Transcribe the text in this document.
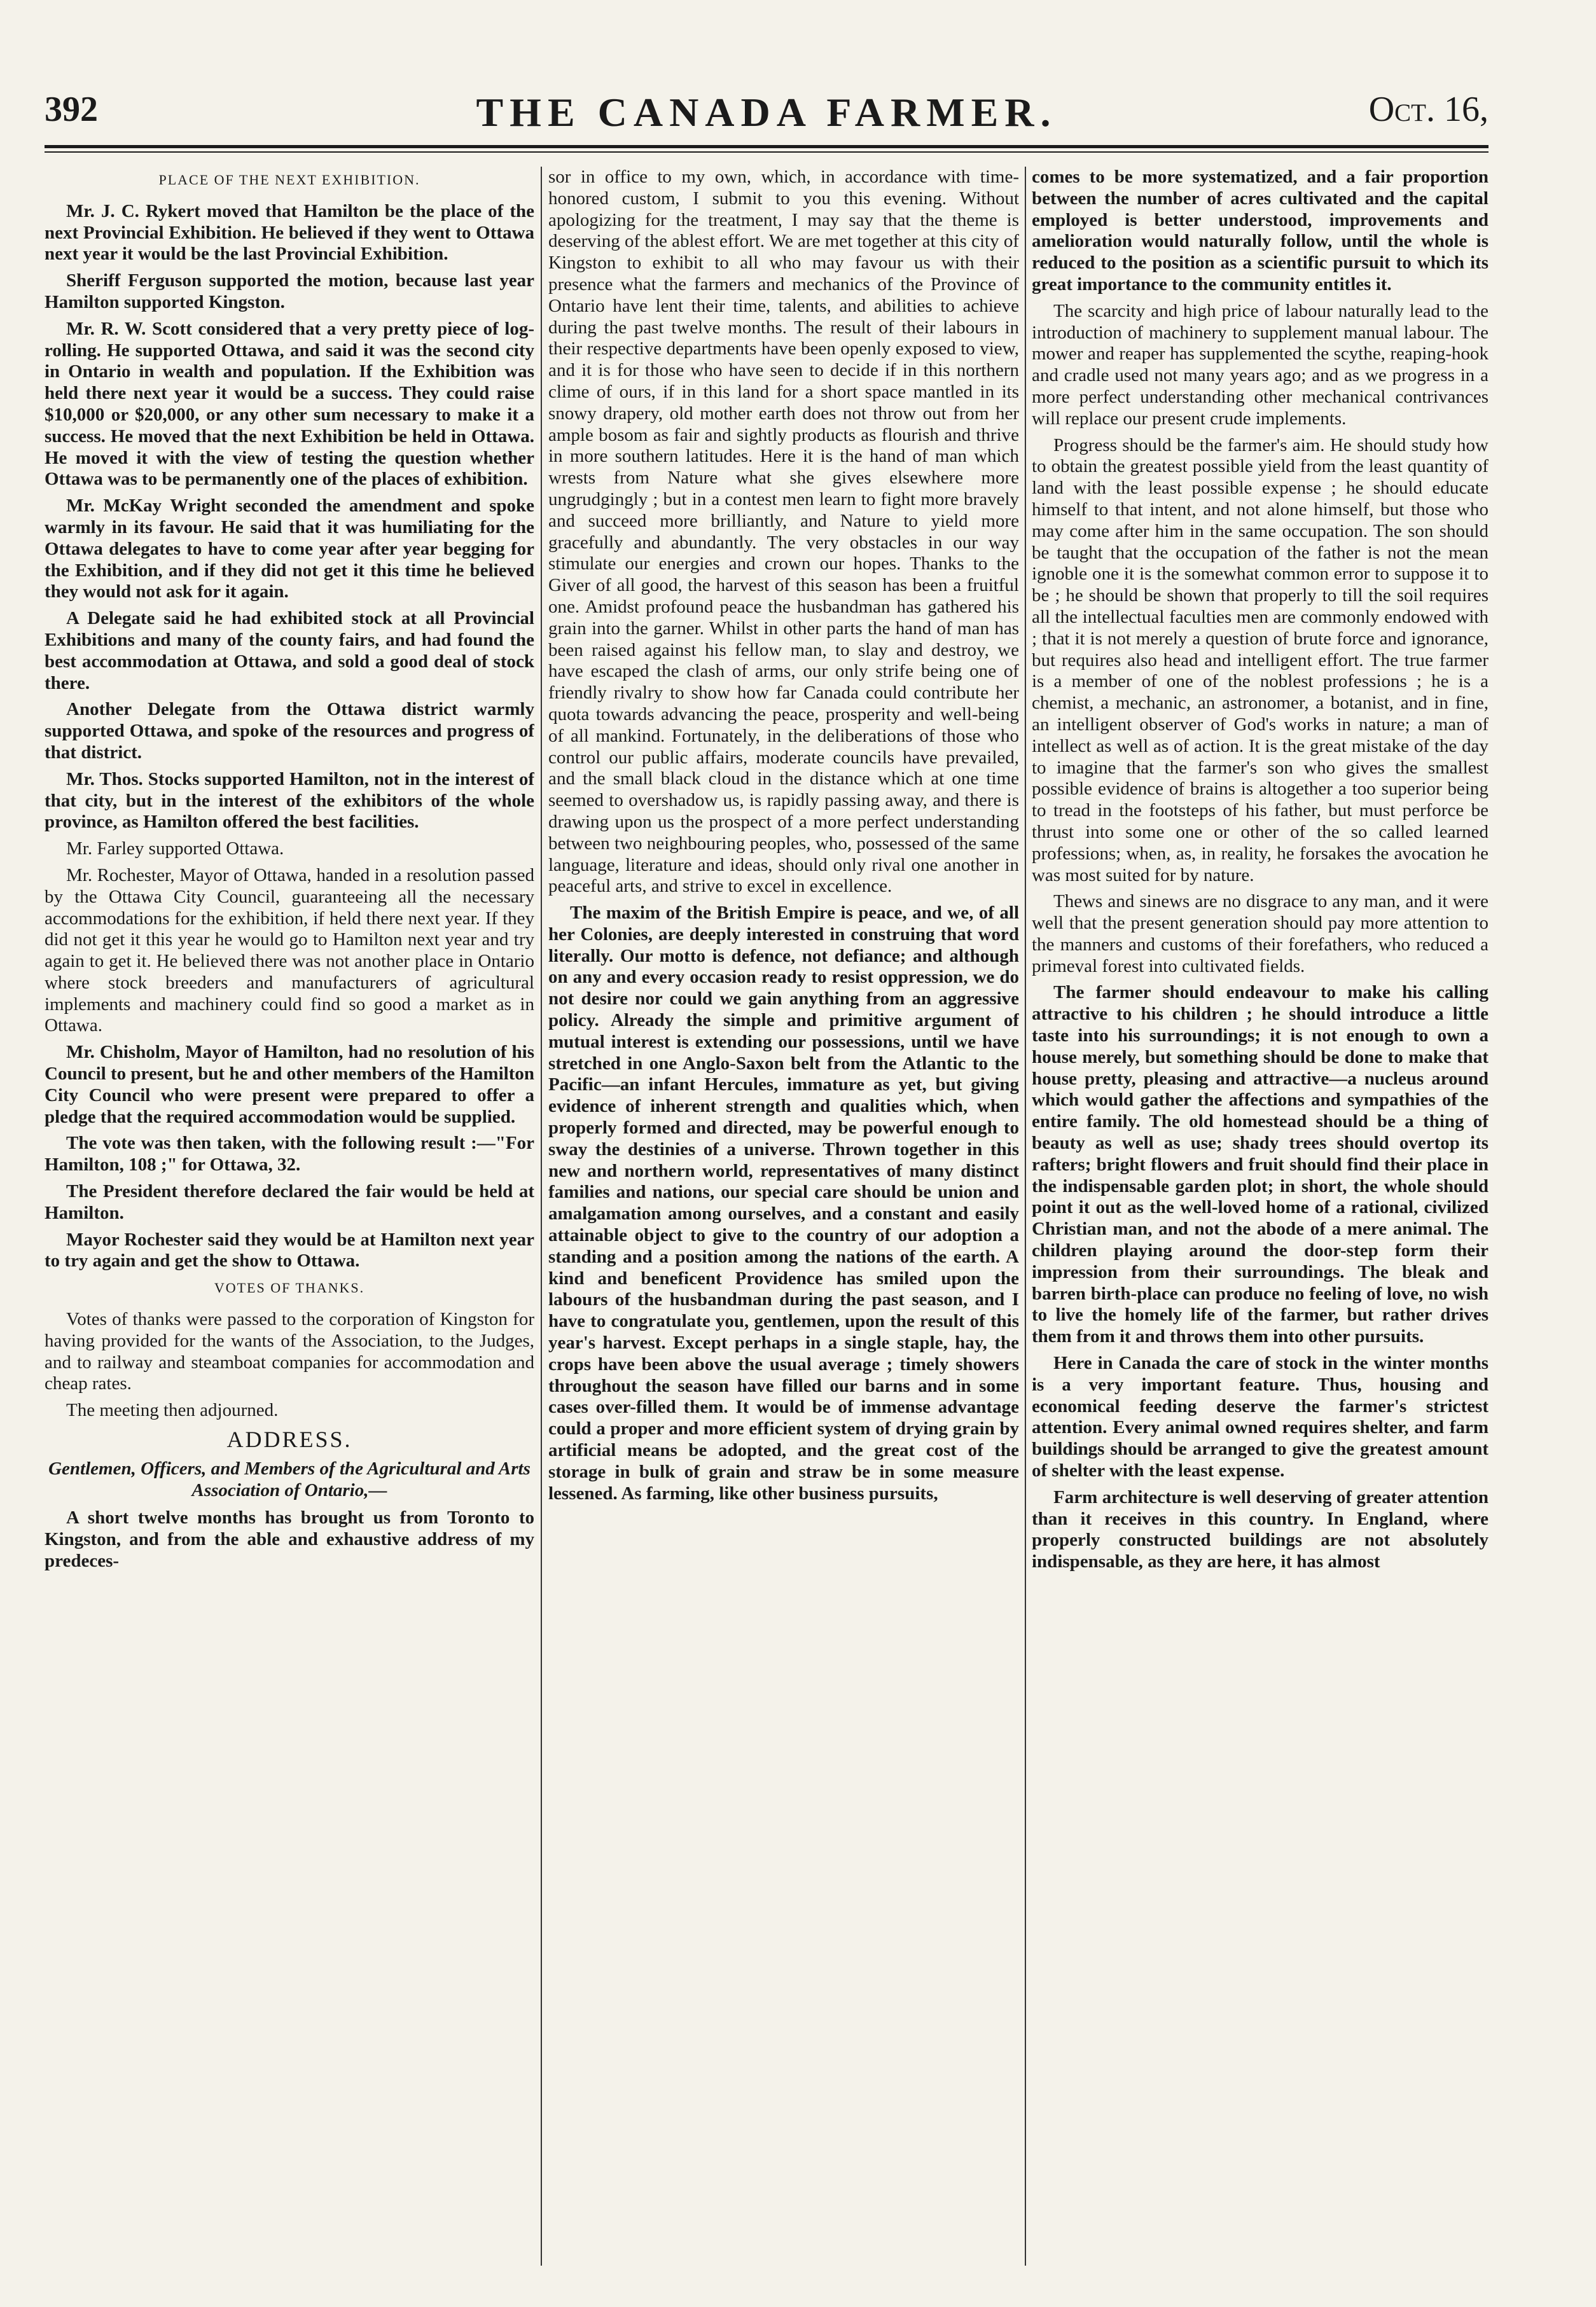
392	THE CANADA FARMER.	Oct. 16,
PLACE OF THE NEXT EXHIBITION.

Mr. J. C. Rykert moved that Hamilton be the place of the next Provincial Exhibition. He believed if they went to Ottawa next year it would be the last Provincial Exhibition.

Sheriff Ferguson supported the motion, because last year Hamilton supported Kingston.

Mr. R. W. Scott considered that a very pretty piece of log-rolling. He supported Ottawa, and said it was the second city in Ontario in wealth and population. If the Exhibition was held there next year it would be a success. They could raise $10,000 or $20,000, or any other sum necessary to make it a success. He moved that the next Exhibition be held in Ottawa. He moved it with the view of testing the question whether Ottawa was to be permanently one of the places of exhibition.

Mr. McKay Wright seconded the amendment and spoke warmly in its favour. He said that it was humiliating for the Ottawa delegates to have to come year after year begging for the Exhibition, and if they did not get it this time he believed they would not ask for it again.

A Delegate said he had exhibited stock at all Provincial Exhibitions and many of the county fairs, and had found the best accommodation at Ottawa, and sold a good deal of stock there.

Another Delegate from the Ottawa district warmly supported Ottawa, and spoke of the resources and progress of that district.

Mr. Thos. Stocks supported Hamilton, not in the interest of that city, but in the interest of the exhibitors of the whole province, as Hamilton offered the best facilities.

Mr. Farley supported Ottawa.

Mr. Rochester, Mayor of Ottawa, handed in a resolution passed by the Ottawa City Council, guaranteeing all the necessary accommodations for the exhibition, if held there next year. If they did not get it this year he would go to Hamilton next year and try again to get it. He believed there was not another place in Ontario where stock breeders and manufacturers of agricultural implements and machinery could find so good a market as in Ottawa.

Mr. Chisholm, Mayor of Hamilton, had no resolution of his Council to present, but he and other members of the Hamilton City Council who were present were prepared to offer a pledge that the required accommodation would be supplied.

The vote was then taken, with the following result :—"For Hamilton, 108 ;" for Ottawa, 32.

The President therefore declared the fair would be held at Hamilton.

Mayor Rochester said they would be at Hamilton next year to try again and get the show to Ottawa.

VOTES OF THANKS.

Votes of thanks were passed to the corporation of Kingston for having provided for the wants of the Association, to the Judges, and to railway and steamboat companies for accommodation and cheap rates.

The meeting then adjourned.

ADDRESS.
Gentlemen, Officers, and Members of the Agricultural and Arts Association of Ontario,—

A short twelve months has brought us from Toronto to Kingston, and from the able and exhaustive address of my predeces-

sor in office to my own, which, in accordance with time-honored custom, I submit to you this evening. Without apologizing for the treatment, I may say that the theme is deserving of the ablest effort. We are met together at this city of Kingston to exhibit to all who may favour us with their presence what the farmers and mechanics of the Province of Ontario have lent their time, talents, and abilities to achieve during the past twelve months. The result of their labours in their respective departments have been openly exposed to view, and it is for those who have seen to decide if in this northern clime of ours, if in this land for a short space mantled in its snowy drapery, old mother earth does not throw out from her ample bosom as fair and sightly products as flourish and thrive in more southern latitudes. Here it is the hand of man which wrests from Nature what she gives elsewhere more ungrudgingly ; but in a contest men learn to fight more bravely and succeed more brilliantly, and Nature to yield more gracefully and abundantly. The very obstacles in our way stimulate our energies and crown our hopes. Thanks to the Giver of all good, the harvest of this season has been a fruitful one. Amidst profound peace the husbandman has gathered his grain into the garner. Whilst in other parts the hand of man has been raised against his fellow man, to slay and destroy, we have escaped the clash of arms, our only strife being one of friendly rivalry to show how far Canada could contribute her quota towards advancing the peace, prosperity and well-being of all mankind. Fortunately, in the deliberations of those who control our public affairs, moderate councils have prevailed, and the small black cloud in the distance which at one time seemed to overshadow us, is rapidly passing away, and there is drawing upon us the prospect of a more perfect understanding between two neighbouring peoples, who, possessed of the same language, literature and ideas, should only rival one another in peaceful arts, and strive to excel in excellence.

The maxim of the British Empire is peace, and we, of all her Colonies, are deeply interested in construing that word literally. Our motto is defence, not defiance; and although on any and every occasion ready to resist oppression, we do not desire nor could we gain anything from an aggressive policy. Already the simple and primitive argument of mutual interest is extending our possessions, until we have stretched in one Anglo-Saxon belt from the Atlantic to the Pacific—an infant Hercules, immature as yet, but giving evidence of inherent strength and qualities which, when properly formed and directed, may be powerful enough to sway the destinies of a universe. Thrown together in this new and northern world, representatives of many distinct families and nations, our special care should be union and amalgamation among ourselves, and a constant and easily attainable object to give to the country of our adoption a standing and a position among the nations of the earth. A kind and beneficent Providence has smiled upon the labours of the husbandman during the past season, and I have to congratulate you, gentlemen, upon the result of this year's harvest. Except perhaps in a single staple, hay, the crops have been above the usual average ; timely showers throughout the season have filled our barns and in some cases over-filled them. It would be of immense advantage could a proper and more efficient system of drying grain by artificial means be adopted, and the great cost of the storage in bulk of grain and straw be in some measure lessened. As farming, like other business pursuits,

comes to be more systematized, and a fair proportion between the number of acres cultivated and the capital employed is better understood, improvements and amelioration would naturally follow, until the whole is reduced to the position as a scientific pursuit to which its great importance to the community entitles it.

The scarcity and high price of labour naturally lead to the introduction of machinery to supplement manual labour. The mower and reaper has supplemented the scythe, reaping-hook and cradle used not many years ago; and as we progress in a more perfect understanding other mechanical contrivances will replace our present crude implements.

Progress should be the farmer's aim. He should study how to obtain the greatest possible yield from the least quantity of land with the least possible expense ; he should educate himself to that intent, and not alone himself, but those who may come after him in the same occupation. The son should be taught that the occupation of the father is not the mean ignoble one it is the somewhat common error to suppose it to be ; he should be shown that properly to till the soil requires all the intellectual faculties men are commonly endowed with ; that it is not merely a question of brute force and ignorance, but requires also head and intelligent effort. The true farmer is a member of one of the noblest professions ; he is a chemist, a mechanic, an astronomer, a botanist, and in fine, an intelligent observer of God's works in nature; a man of intellect as well as of action. It is the great mistake of the day to imagine that the farmer's son who gives the smallest possible evidence of brains is altogether a too superior being to tread in the footsteps of his father, but must perforce be thrust into some one or other of the so called learned professions; when, as, in reality, he forsakes the avocation he was most suited for by nature.

Thews and sinews are no disgrace to any man, and it were well that the present generation should pay more attention to the manners and customs of their forefathers, who reduced a primeval forest into cultivated fields.

The farmer should endeavour to make his calling attractive to his children ; he should introduce a little taste into his surroundings; it is not enough to own a house merely, but something should be done to make that house pretty, pleasing and attractive—a nucleus around which would gather the affections and sympathies of the entire family. The old homestead should be a thing of beauty as well as use; shady trees should overtop its rafters; bright flowers and fruit should find their place in the indispensable garden plot; in short, the whole should point it out as the well-loved home of a rational, civilized Christian man, and not the abode of a mere animal. The children playing around the door-step form their impression from their surroundings. The bleak and barren birth-place can produce no feeling of love, no wish to live the homely life of the farmer, but rather drives them from it and throws them into other pursuits.

Here in Canada the care of stock in the winter months is a very important feature. Thus, housing and economical feeding deserve the farmer's strictest attention. Every animal owned requires shelter, and farm buildings should be arranged to give the greatest amount of shelter with the least expense.

Farm architecture is well deserving of greater attention than it receives in this country. In England, where properly constructed buildings are not absolutely indispensable, as they are here, it has almost
